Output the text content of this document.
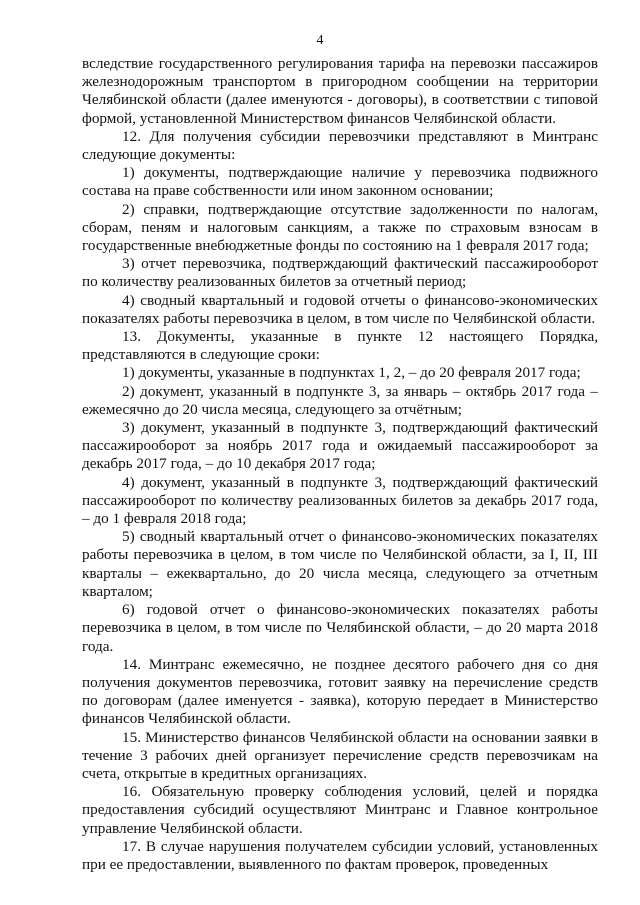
4

вследствие государственного регулирования тарифа на перевозки пассажиров железнодорожным транспортом в пригородном сообщении на территории Челябинской области (далее именуются - договоры), в соответствии с типовой формой, установленной Министерством финансов Челябинской области.

12. Для получения субсидии перевозчики представляют в Минтранс следующие документы:

1) документы, подтверждающие наличие у перевозчика подвижного состава на праве собственности или ином законном основании;

2) справки, подтверждающие отсутствие задолженности по налогам, сборам, пеням и налоговым санкциям, а также по страховым взносам в государственные внебюджетные фонды по состоянию на 1 февраля 2017 года;

3) отчет перевозчика, подтверждающий фактический пассажирооборот по количеству реализованных билетов за отчетный период;

4) сводный квартальный и годовой отчеты о финансово-экономических показателях работы перевозчика в целом, в том числе по Челябинской области.

13. Документы, указанные в пункте 12 настоящего Порядка, представляются в следующие сроки:

1) документы, указанные в подпунктах 1, 2, – до 20 февраля 2017 года;

2) документ, указанный в подпункте 3, за январь – октябрь 2017 года – ежемесячно до 20 числа месяца, следующего за отчётным;

3) документ, указанный в подпункте 3, подтверждающий фактический пассажирооборот за ноябрь 2017 года и ожидаемый пассажирооборот за декабрь 2017 года, – до 10 декабря 2017 года;

4) документ, указанный в подпункте 3, подтверждающий фактический пассажирооборот по количеству реализованных билетов за декабрь 2017 года, – до 1 февраля 2018 года;

5) сводный квартальный отчет о финансово-экономических показателях работы перевозчика в целом, в том числе по Челябинской области, за I, II, III кварталы – ежеквартально, до 20 числа месяца, следующего за отчетным кварталом;

6) годовой отчет о финансово-экономических показателях работы перевозчика в целом, в том числе по Челябинской области, – до 20 марта 2018 года.

14. Минтранс ежемесячно, не позднее десятого рабочего дня со дня получения документов перевозчика, готовит заявку на перечисление средств по договорам (далее именуется - заявка), которую передает в Министерство финансов Челябинской области.

15. Министерство финансов Челябинской области на основании заявки в течение 3 рабочих дней организует перечисление средств перевозчикам на счета, открытые в кредитных организациях.

16. Обязательную проверку соблюдения условий, целей и порядка предоставления субсидий осуществляют Минтранс и Главное контрольное управление Челябинской области.

17. В случае нарушения получателем субсидии условий, установленных при ее предоставлении, выявленного по фактам проверок, проведенных
